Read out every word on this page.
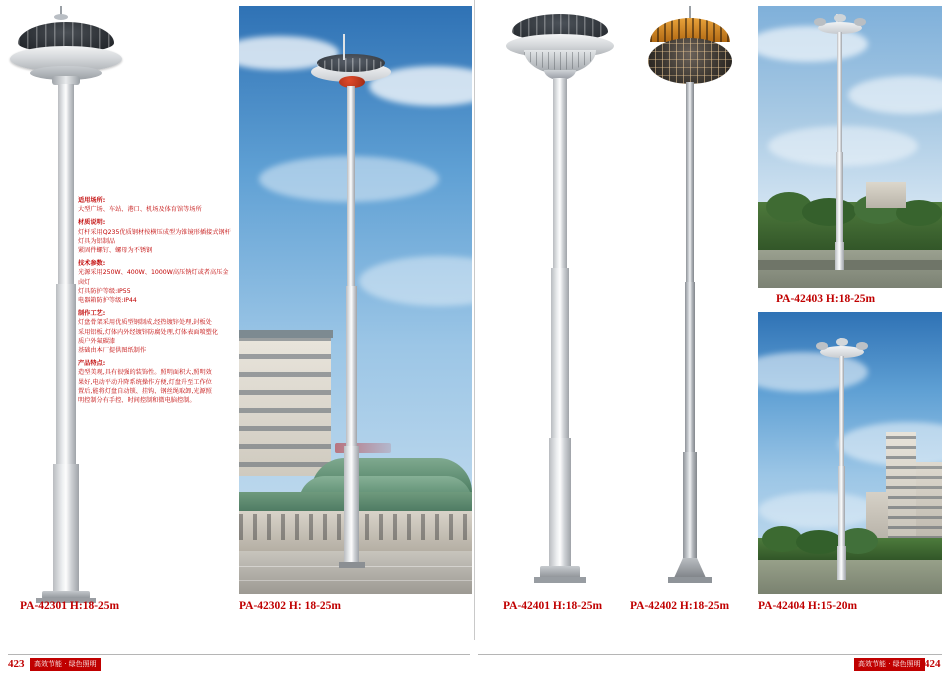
适用场所:
大型广场、车站、港口、机场及体育馆等场所
材质说明:
灯杆采用Q235优质钢材按横压成型为锥镜形插接式钢杆
灯具为铝制品
紧固件螺钉、螺母为不锈钢
技术参数:
光源采用250W、400W、1000W高压钠灯或者高压金
卤灯
灯具防护等级:IP55
电器箱防护等级:IP44
制作工艺:
灯盘骨架采用优质型钢制成,经热镀锌处理,封板处
采用铝板,灯体内外经镀锌防腐处理,灯体表面喷塑化
质户外氟碳漆
基础由本厂提供图纸制作
产品特点:
造型美观,具有很强的装饰性。照明面积大,照明效
果好,电动平动升降系统操作方便,灯盘升至工作位
置后,能将灯盘自动锁、挂钩、钢丝绳取卸,光源照
明控制分有手控、时间控制和微电脑控制。
PA-42301 H:18-25m	PA-42302 H: 18-25m	PA-42401 H:18-25m PA-42402 H:18-25m
PA-42403 H:18-25m
PA-42404 H:15-20m
423	高效节能 · 绿色照明	高效节能 · 绿色照明 424
